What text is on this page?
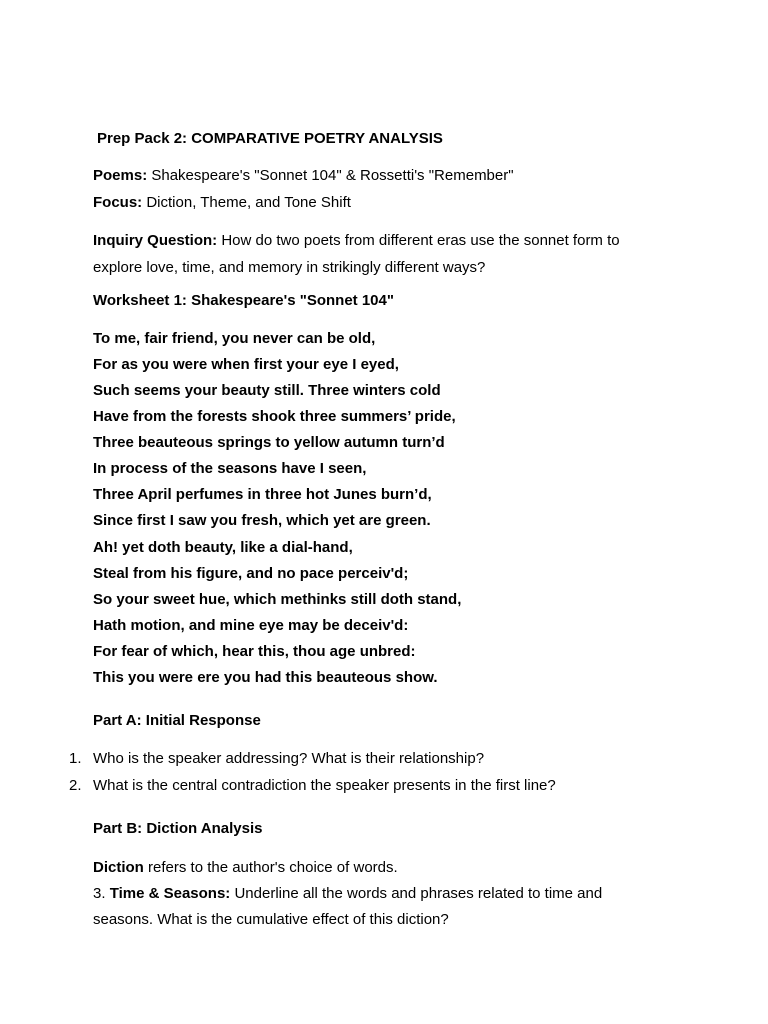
Prep Pack 2: COMPARATIVE POETRY ANALYSIS
Poems: Shakespeare's "Sonnet 104" & Rossetti's "Remember"
Focus: Diction, Theme, and Tone Shift
Inquiry Question: How do two poets from different eras use the sonnet form to
explore love, time, and memory in strikingly different ways?
Worksheet 1: Shakespeare's "Sonnet 104"
To me, fair friend, you never can be old,
For as you were when first your eye I eyed,
Such seems your beauty still. Three winters cold
Have from the forests shook three summers’ pride,
Three beauteous springs to yellow autumn turn’d
In process of the seasons have I seen,
Three April perfumes in three hot Junes burn’d,
Since first I saw you fresh, which yet are green.
Ah! yet doth beauty, like a dial-hand,
Steal from his figure, and no pace perceiv'd;
So your sweet hue, which methinks still doth stand,
Hath motion, and mine eye may be deceiv'd:
For fear of which, hear this, thou age unbred:
This you were ere you had this beauteous show.
Part A: Initial Response
1. Who is the speaker addressing? What is their relationship?
2. What is the central contradiction the speaker presents in the first line?
Part B: Diction Analysis
Diction refers to the author's choice of words.
3. Time & Seasons: Underline all the words and phrases related to time and
seasons. What is the cumulative effect of this diction?
